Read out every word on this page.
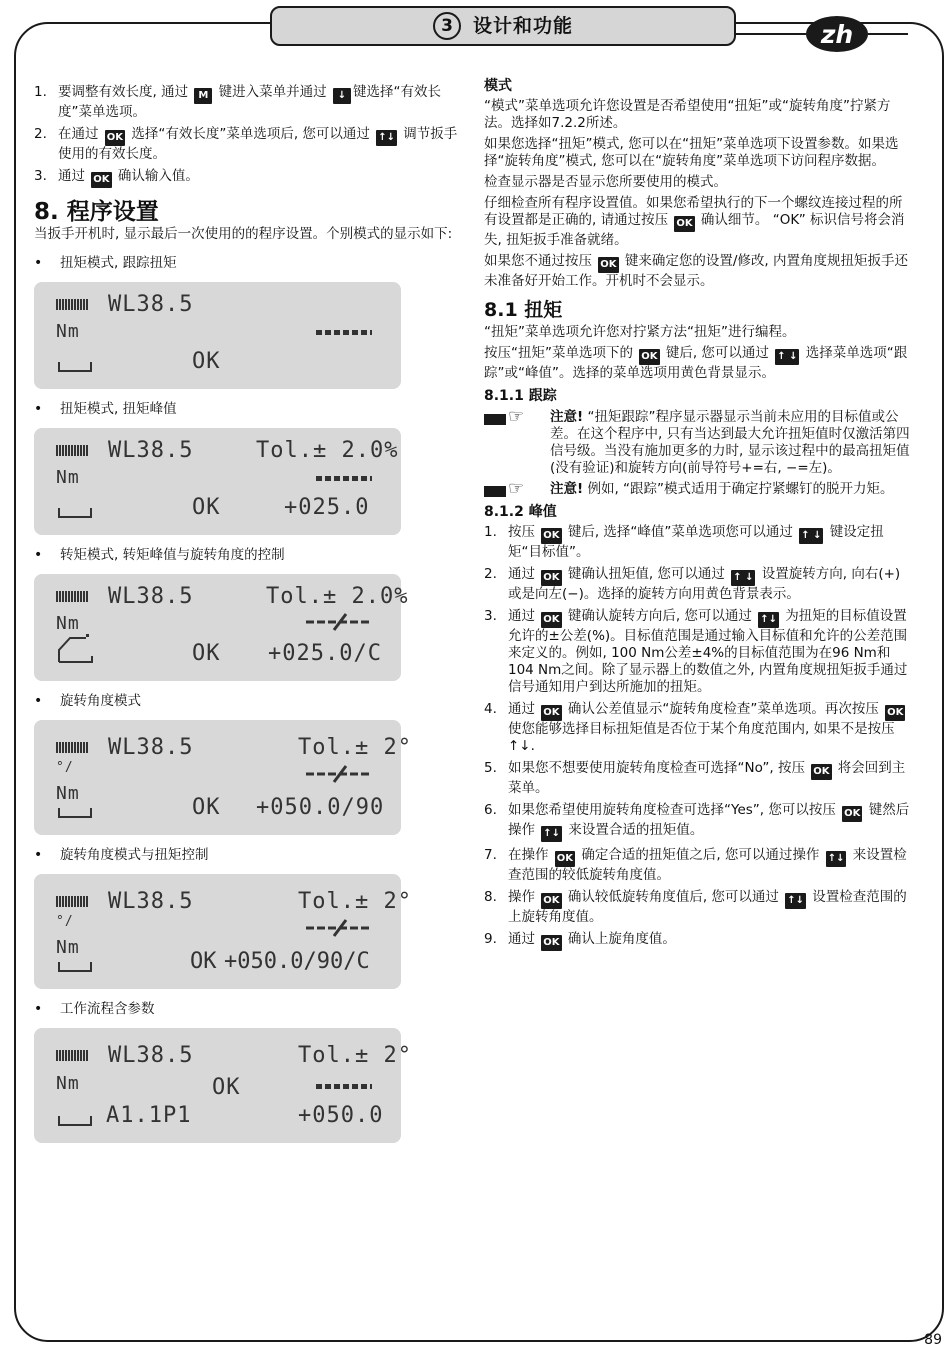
3	设计和功能	zh
89
1. 要调整有效长度, 通过 M 键进入菜单并通过 ↓ 键选择“有效长度”菜单选项。
2. 在通过 OK 选择“有效长度”菜单选项后, 您可以通过 ↑↓ 调节扳手使用的有效长度。
3. 通过 OK 确认输入值。
8. 程序设置
当扳手开机时, 显示最后一次使用的的程序设置。个别模式的显示如下:
• 扭矩模式, 跟踪扭矩
WL38.5
Nm
OK
• 扭矩模式, 扭矩峰值
WL38.5	Tol.± 2.0%
Nm
OK	+025.0
• 转矩模式, 转矩峰值与旋转角度的控制
WL38.5	Tol.± 2.0%
Nm
OK +025.0/C
• 旋转角度模式
WL38.5	Tol.± 2°
°/
Nm
OK +050.0/90
• 旋转角度模式与扭矩控制
WL38.5	Tol.± 2°
°/
Nm
OK +050.0/90/C
• 工作流程含参数
WL38.5	Tol.± 2°
Nm	OK
A1.1P1	+050.0
模式
“模式”菜单选项允许您设置是否希望使用“扭矩”或“旋转角度”拧紧方法。选择如7.2.2所述。
如果您选择“扭矩”模式, 您可以在“扭矩”菜单选项下设置参数。如果选择“旋转角度”模式, 您可以在“旋转角度”菜单选项下访问程序数据。
检查显示器是否显示您所要使用的模式。
仔细检查所有程序设置值。如果您希望执行的下一个螺纹连接过程的所有设置都是正确的, 请通过按压 OK 确认细节。 “OK” 标识信号将会消失, 扭矩扳手准备就绪。
如果您不通过按压 OK 键来确定您的设置/修改, 内置角度规扭矩扳手还未准备好开始工作。开机时不会显示。
8.1 扭矩
“扭矩”菜单选项允许您对拧紧方法“扭矩”进行编程。
按压“扭矩”菜单选项下的 OK 键后, 您可以通过 ↑ ↓ 选择菜单选项“跟踪”或“峰值”。选择的菜单选项用黄色背景显示。
8.1.1 跟踪
☞ 注意! “扭矩跟踪”程序显示器显示当前未应用的目标值或公差。在这个程序中, 只有当达到最大允许扭矩值时仅激活第四信号级。当没有施加更多的力时, 显示该过程中的最高扭矩值(没有验证)和旋转方向(前导符号+=右, −=左)。
☞ 注意! 例如, “跟踪”模式适用于确定拧紧螺钉的脱开力矩。
8.1.2 峰值
1. 按压 OK 键后, 选择“峰值”菜单选项您可以通过 ↑ ↓ 键设定扭矩“目标值”。
2. 通过 OK 键确认扭矩值, 您可以通过 ↑ ↓ 设置旋转方向, 向右(+)或是向左(−)。选择的旋转方向用黄色背景表示。
3. 通过 OK 键确认旋转方向后, 您可以通过 ↑↓ 为扭矩的目标值设置允许的±公差(%)。目标值范围是通过输入目标值和允许的公差范围来定义的。例如, 100 Nm公差±4%的目标值范围为在96 Nm和104 Nm之间。除了显示器上的数值之外, 内置角度规扭矩扳手通过信号通知用户到达所施加的扭矩。
4. 通过 OK 确认公差值显示“旋转角度检查”菜单选项。再次按压 OK 使您能够选择目标扭矩值是否位于某个角度范围内, 如果不是按压 ↑↓.
5. 如果您不想要使用旋转角度检查可选择“No”, 按压 OK 将会回到主菜单。
6. 如果您希望使用旋转角度检查可选择“Yes”, 您可以按压 OK 键然后操作 ↑↓ 来设置合适的扭矩值。
7. 在操作 OK 确定合适的扭矩值之后, 您可以通过操作 ↑↓ 来设置检查范围的较低旋转角度值。
8. 操作 OK 确认较低旋转角度值后, 您可以通过 ↑↓ 设置检查范围的上旋转角度值。
9. 通过 OK 确认上旋角度值。
